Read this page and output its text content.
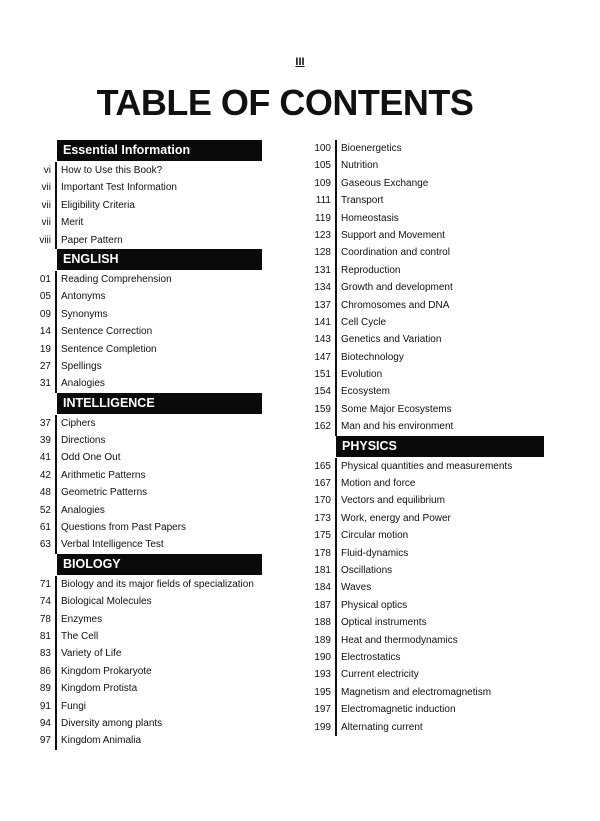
III
TABLE OF CONTENTS
Essential Information
vi	How to Use this Book?
vii	Important Test Information
vii	Eligibility Criteria
vii	Merit
viii	Paper Pattern
ENGLISH
01	Reading Comprehension
05	Antonyms
09	Synonyms
14	Sentence Correction
19	Sentence Completion
27	Spellings
31	Analogies
INTELLIGENCE
37	Ciphers
39	Directions
41	Odd One Out
42	Arithmetic Patterns
48	Geometric Patterns
52	Analogies
61	Questions from Past Papers
63	Verbal Intelligence Test
BIOLOGY
71	Biology and its major fields of specialization
74	Biological Molecules
78	Enzymes
81	The Cell
83	Variety of Life
86	Kingdom Prokaryote
89	Kingdom Protista
91	Fungi
94	Diversity among plants
97	Kingdom Animalia
100	Bioenergetics
105	Nutrition
109	Gaseous Exchange
111	Transport
119	Homeostasis
123	Support and Movement
128	Coordination and control
131	Reproduction
134	Growth and development
137	Chromosomes and DNA
141	Cell Cycle
143	Genetics and Variation
147	Biotechnology
151	Evolution
154	Ecosystem
159	Some Major Ecosystems
162	Man and his environment
PHYSICS
165	Physical quantities and measurements
167	Motion and force
170	Vectors and equilibrium
173	Work, energy and Power
175	Circular motion
178	Fluid-dynamics
181	Oscillations
184	Waves
187	Physical optics
188	Optical instruments
189	Heat and thermodynamics
190	Electrostatics
193	Current electricity
195	Magnetism and electromagnetism
197	Electromagnetic induction
199	Alternating current
